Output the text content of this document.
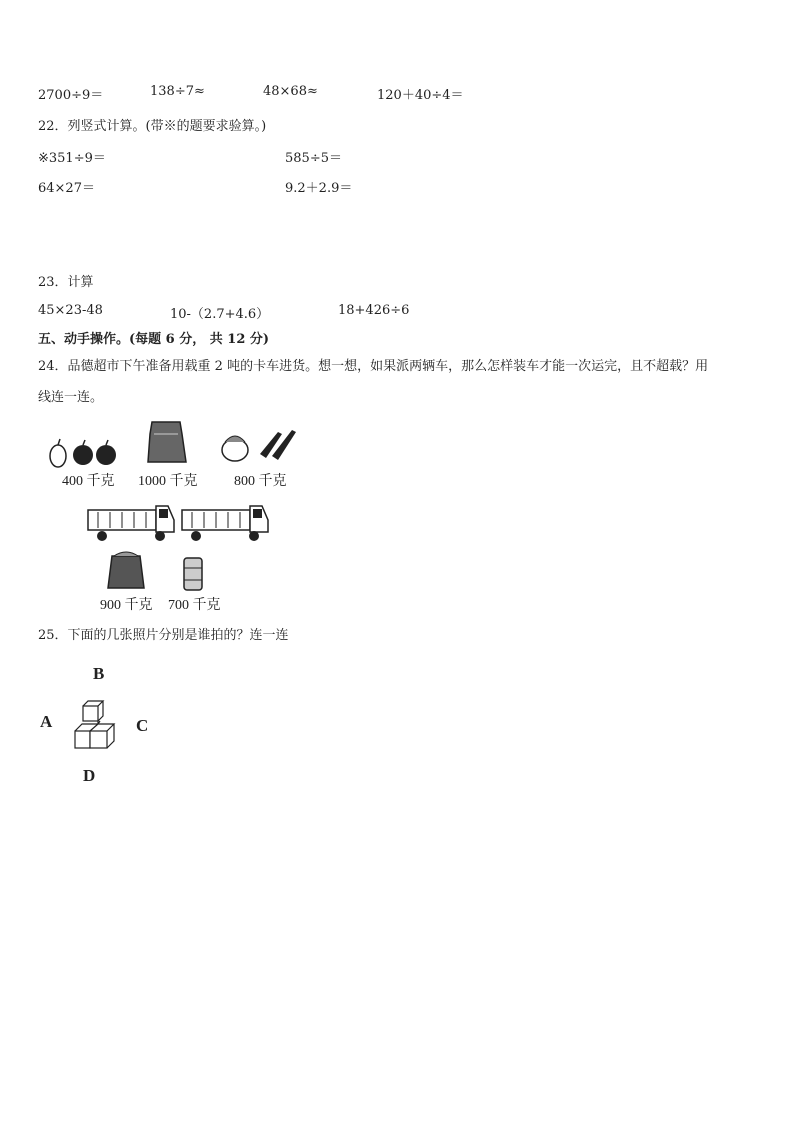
2700÷9＝	138÷7≈	48×68≈	120＋40÷4＝
22．列竖式计算。(带※的题要求验算。)
※351÷9＝	585÷5＝
64×27＝	9.2＋2.9＝
23．计算
45×23-48	10-（2.7+4.6）	18+426÷6
五、动手操作。(每题 6 分， 共 12 分)
24．品德超市下午准备用载重 2 吨的卡车进货。想一想，如果派两辆车，那么怎样装车才能一次运完，且不超载？用
线连一连。
400 千克 1000 千克	800 千克
900 千克 700 千克
25．下面的几张照片分别是谁拍的？连一连
B
A	C
D
